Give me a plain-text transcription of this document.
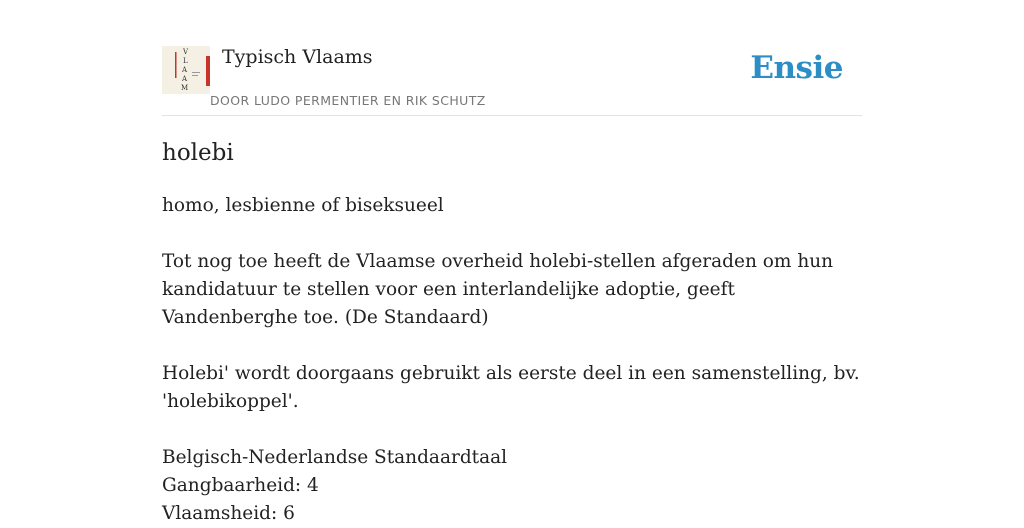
V
L
A
A
M
Typisch Vlaams
DOOR LUDO PERMENTIER EN RIK SCHUTZ
Ensie
holebi

homo, lesbienne of biseksueel

Tot nog toe heeft de Vlaamse overheid holebi-stellen afgeraden om hun kandidatuur te stellen voor een interlandelijke adoptie, geeft Vandenberghe toe. (De Standaard)

Holebi' wordt doorgaans gebruikt als eerste deel in een samenstelling, bv. 'holebikoppel'.

Belgisch-Nederlandse Standaardtaal

Gangbaarheid: 4

Vlaamsheid: 6
